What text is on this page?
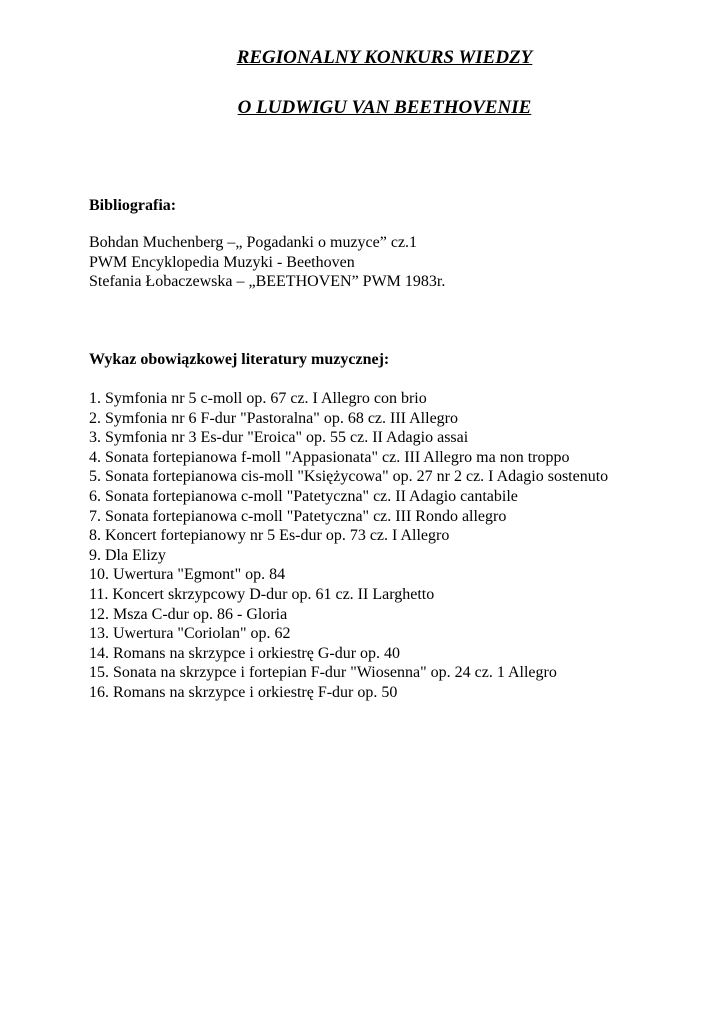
REGIONALNY KONKURS WIEDZY
O LUDWIGU VAN BEETHOVENIE
Bibliografia:
Bohdan Muchenberg –„ Pogadanki o muzyce” cz.1
PWM Encyklopedia Muzyki - Beethoven
Stefania Łobaczewska – „BEETHOVEN” PWM 1983r.
Wykaz obowiązkowej literatury muzycznej:
1. Symfonia nr 5 c-moll op. 67 cz. I Allegro con brio
2. Symfonia nr 6 F-dur "Pastoralna" op. 68 cz. III Allegro
3. Symfonia nr 3 Es-dur "Eroica" op. 55 cz. II Adagio assai
4. Sonata fortepianowa f-moll "Appasionata" cz. III Allegro ma non troppo
5. Sonata fortepianowa cis-moll "Księżycowa" op. 27 nr 2 cz. I Adagio sostenuto
6. Sonata fortepianowa c-moll "Patetyczna" cz. II Adagio cantabile
7. Sonata fortepianowa c-moll "Patetyczna" cz. III Rondo allegro
8. Koncert fortepianowy nr 5 Es-dur op. 73 cz. I Allegro
9. Dla Elizy
10. Uwertura "Egmont" op. 84
11. Koncert skrzypcowy D-dur op. 61 cz. II Larghetto
12. Msza C-dur op. 86 - Gloria
13. Uwertura "Coriolan" op. 62
14. Romans na skrzypce i orkiestrę G-dur op. 40
15. Sonata na skrzypce i fortepian F-dur "Wiosenna" op. 24 cz. 1 Allegro
16. Romans na skrzypce i orkiestrę F-dur op. 50
